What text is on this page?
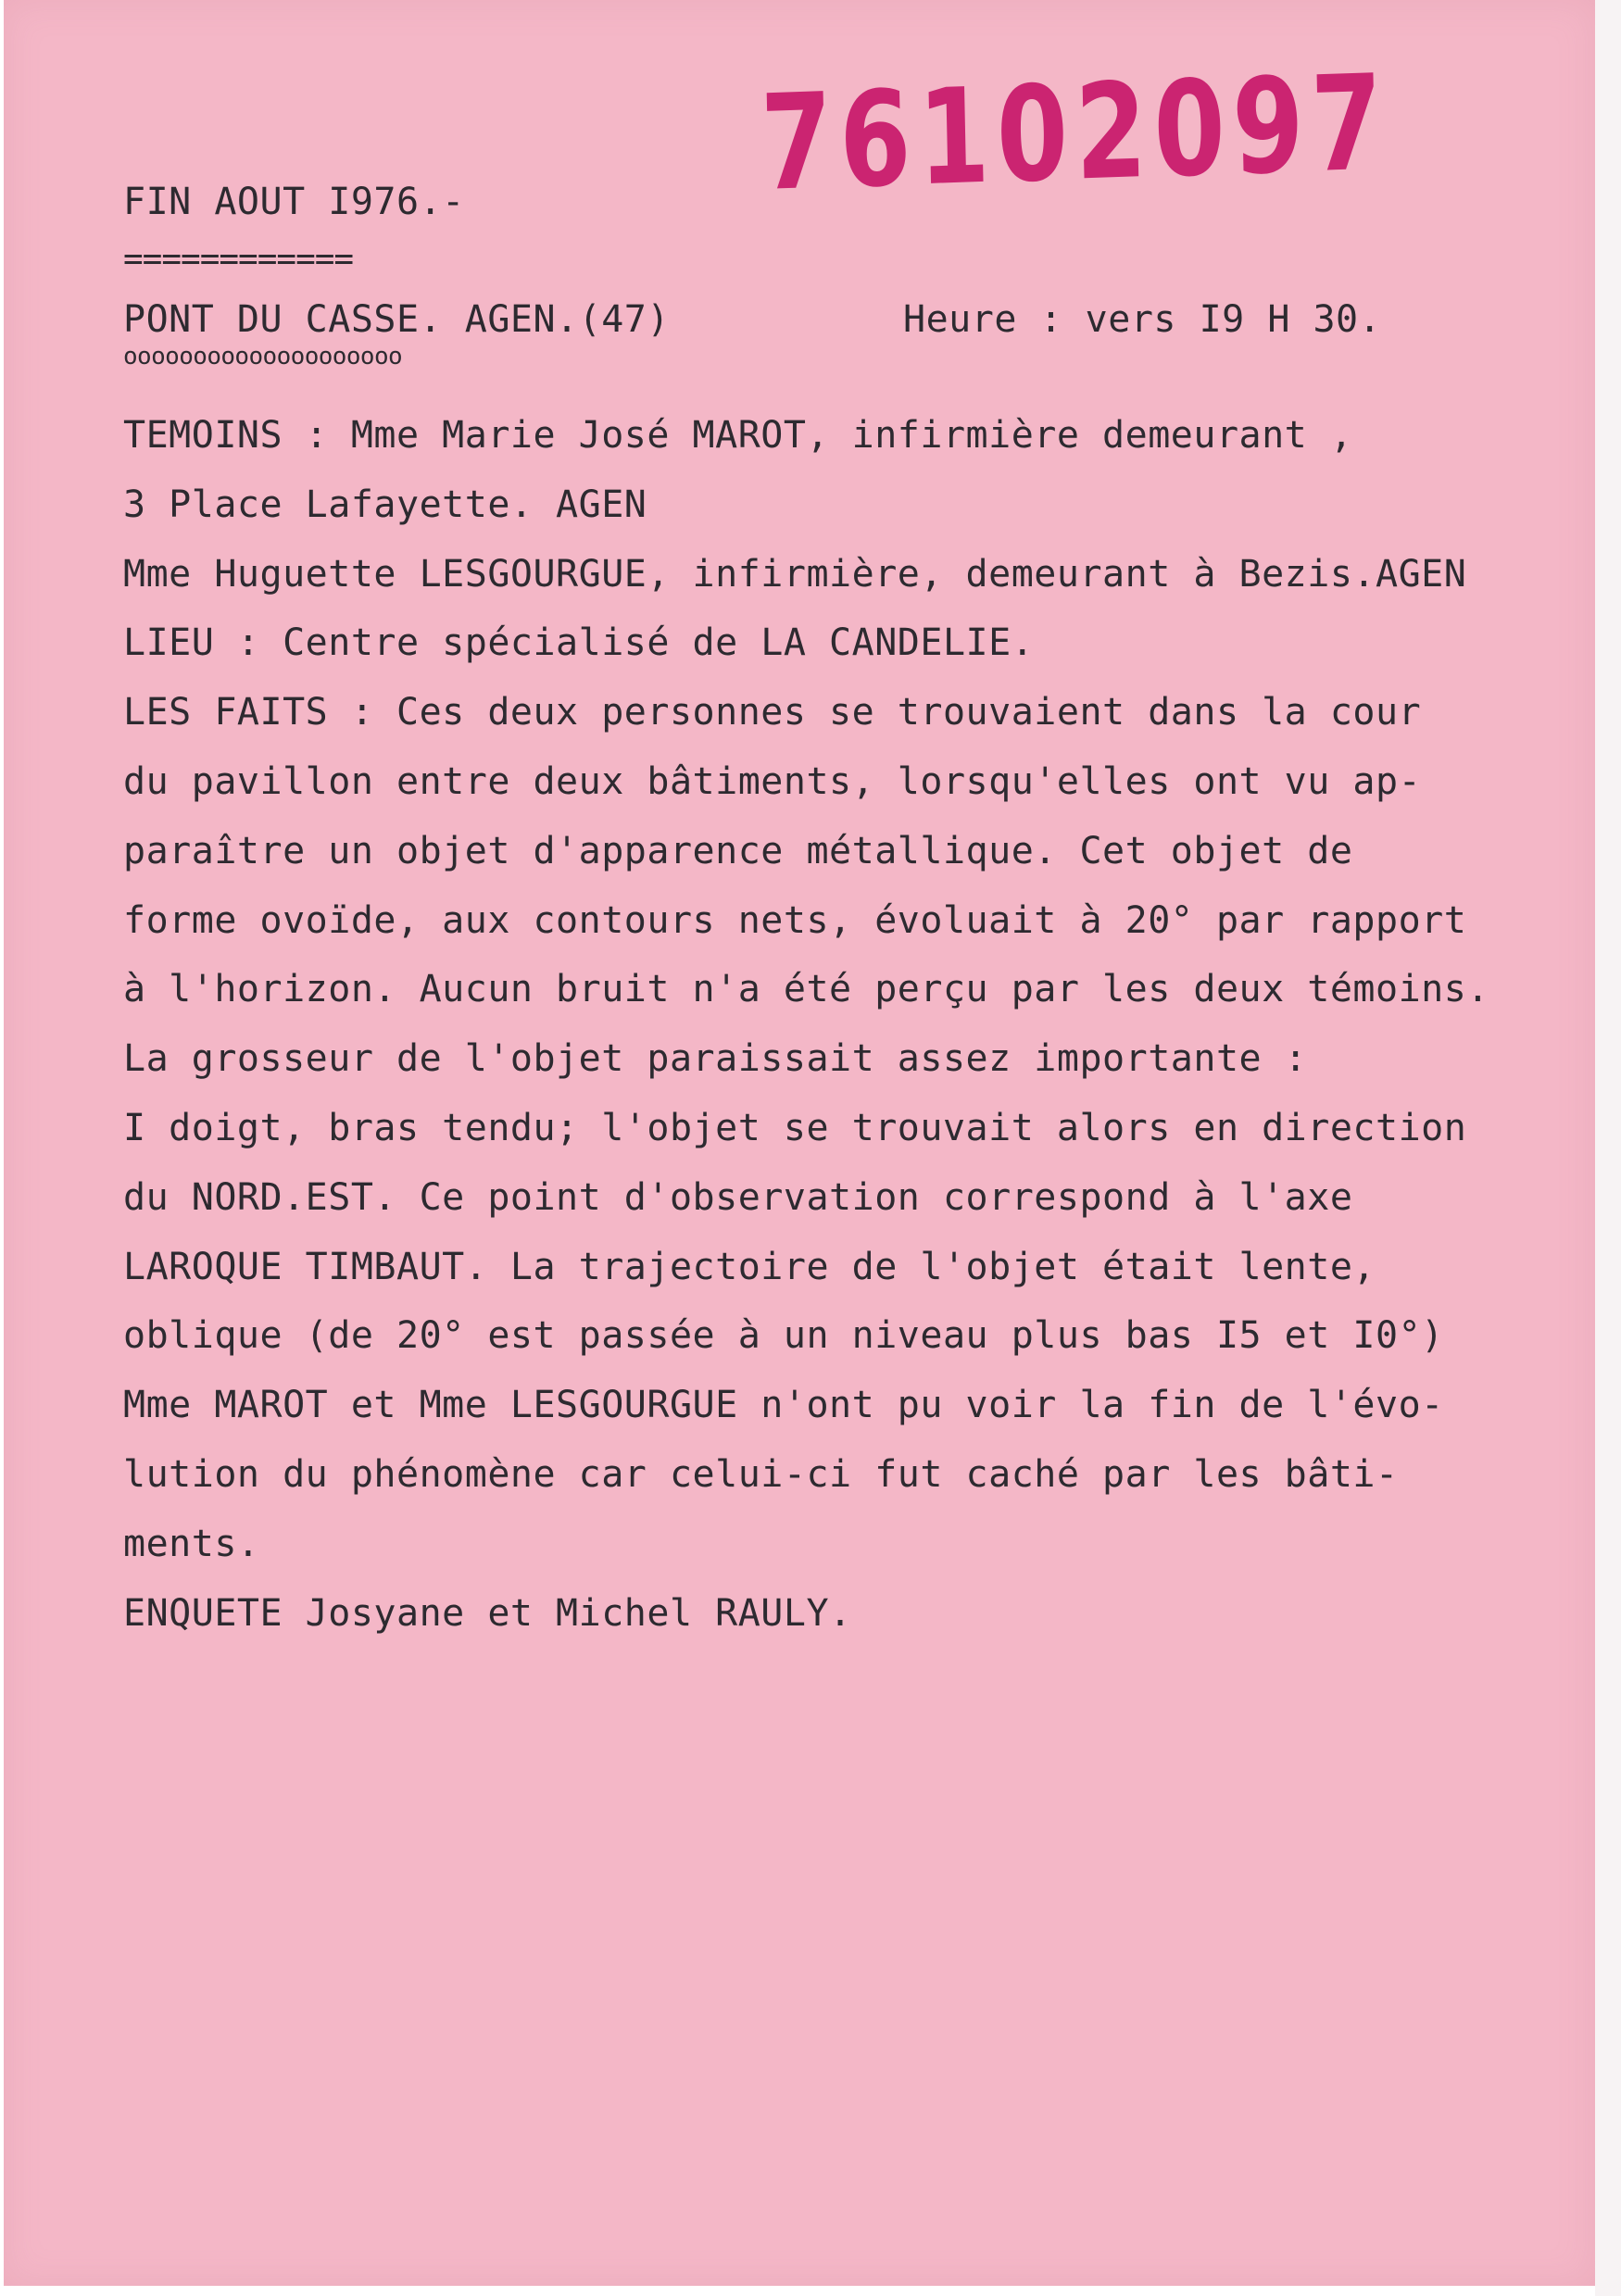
76102097
FIN AOUT I976.-
============
PONT DU CASSE. AGEN.(47)
oooooooooooooooooooo
Heure : vers I9 H 30.
TEMOINS : Mme Marie José MAROT, infirmière demeurant ,
3 Place Lafayette. AGEN
Mme Huguette LESGOURGUE, infirmière, demeurant à Bezis.AGEN
LIEU : Centre spécialisé de LA CANDELIE.
LES FAITS : Ces deux personnes se trouvaient dans la cour
du pavillon entre deux bâtiments, lorsqu'elles ont vu ap-
paraître un objet d'apparence métallique. Cet objet de
forme ovoïde, aux contours nets, évoluait à 20° par rapport
à l'horizon. Aucun bruit n'a été perçu par les deux témoins.
La grosseur de l'objet paraissait assez importante :
I doigt, bras tendu; l'objet se trouvait alors en direction
du NORD.EST. Ce point d'observation correspond à l'axe
LAROQUE TIMBAUT. La trajectoire de l'objet était lente,
oblique (de 20° est passée à un niveau plus bas I5 et I0°)
Mme MAROT et Mme LESGOURGUE n'ont pu voir la fin de l'évo-
lution du phénomène car celui-ci fut caché par les bâti-
ments.
ENQUETE Josyane et Michel RAULY.
